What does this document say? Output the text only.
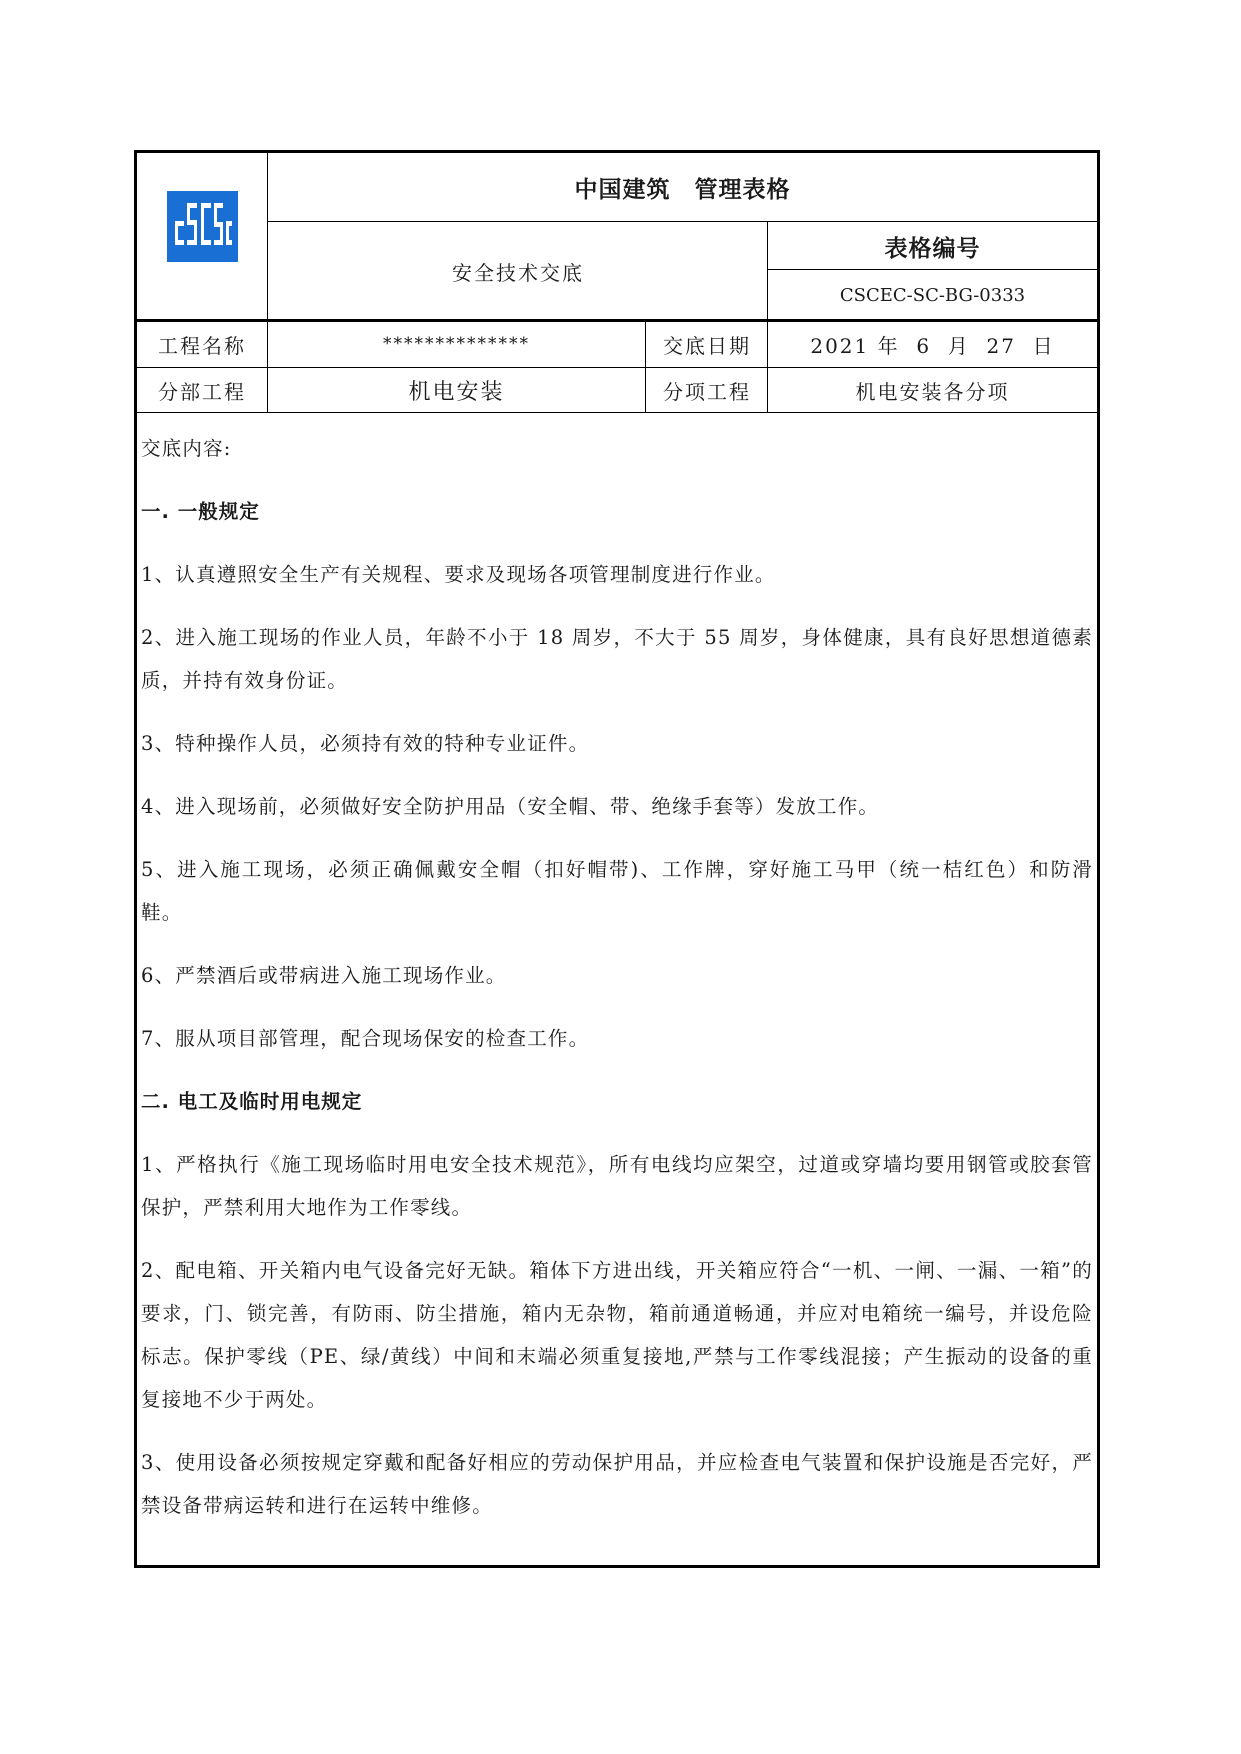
中国建筑　管理表格
安全技术交底
表格编号
CSCEC-SC-BG-0333
工程名称	**************	交底日期	2021 年  6  月  27  日
分部工程	机电安装	分项工程	机电安装各分项

交底内容:

一. 一般规定

1、认真遵照安全生产有关规程、要求及现场各项管理制度进行作业。

2、进入施工现场的作业人员，年龄不小于 18 周岁，不大于 55 周岁，身体健康，具有良好思想道德素质，并持有效身份证。

3、特种操作人员，必须持有效的特种专业证件。

4、进入现场前，必须做好安全防护用品（安全帽、带、绝缘手套等）发放工作。

5、进入施工现场，必须正确佩戴安全帽（扣好帽带)、工作牌，穿好施工马甲（统一桔红色）和防滑鞋。

6、严禁酒后或带病进入施工现场作业。

7、服从项目部管理，配合现场保安的检查工作。

二. 电工及临时用电规定

1、严格执行《施工现场临时用电安全技术规范》，所有电线均应架空，过道或穿墙均要用钢管或胶套管保护，严禁利用大地作为工作零线。

2、配电箱、开关箱内电气设备完好无缺。箱体下方进出线，开关箱应符合“一机、一闸、一漏、一箱”的要求，门、锁完善，有防雨、防尘措施，箱内无杂物，箱前通道畅通，并应对电箱统一编号，并设危险标志。保护零线（PE、绿/黄线）中间和末端必须重复接地,严禁与工作零线混接；产生振动的设备的重复接地不少于两处。

3、使用设备必须按规定穿戴和配备好相应的劳动保护用品，并应检查电气装置和保护设施是否完好，严禁设备带病运转和进行在运转中维修。
